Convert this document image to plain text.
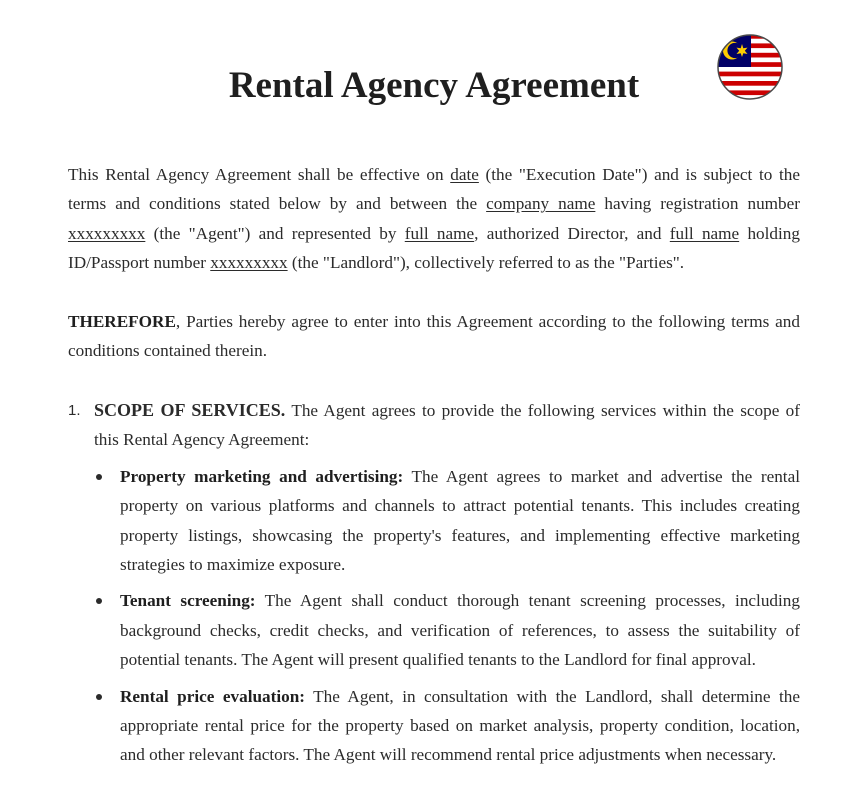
Rental Agency Agreement

This Rental Agency Agreement shall be effective on date (the "Execution Date") and is subject to the terms and conditions stated below by and between the company name having registration number xxxxxxxxx (the "Agent") and represented by full name, authorized Director, and full name holding ID/Passport number xxxxxxxxx (the "Landlord"), collectively referred to as the "Parties".

THEREFORE, Parties hereby agree to enter into this Agreement according to the following terms and conditions contained therein.

1. SCOPE OF SERVICES. The Agent agrees to provide the following services within the scope of this Rental Agency Agreement:
Property marketing and advertising: The Agent agrees to market and advertise the rental property on various platforms and channels to attract potential tenants. This includes creating property listings, showcasing the property's features, and implementing effective marketing strategies to maximize exposure.
Tenant screening: The Agent shall conduct thorough tenant screening processes, including background checks, credit checks, and verification of references, to assess the suitability of potential tenants. The Agent will present qualified tenants to the Landlord for final approval.
Rental price evaluation: The Agent, in consultation with the Landlord, shall determine the appropriate rental price for the property based on market analysis, property condition, location, and other relevant factors. The Agent will recommend rental price adjustments when necessary.
